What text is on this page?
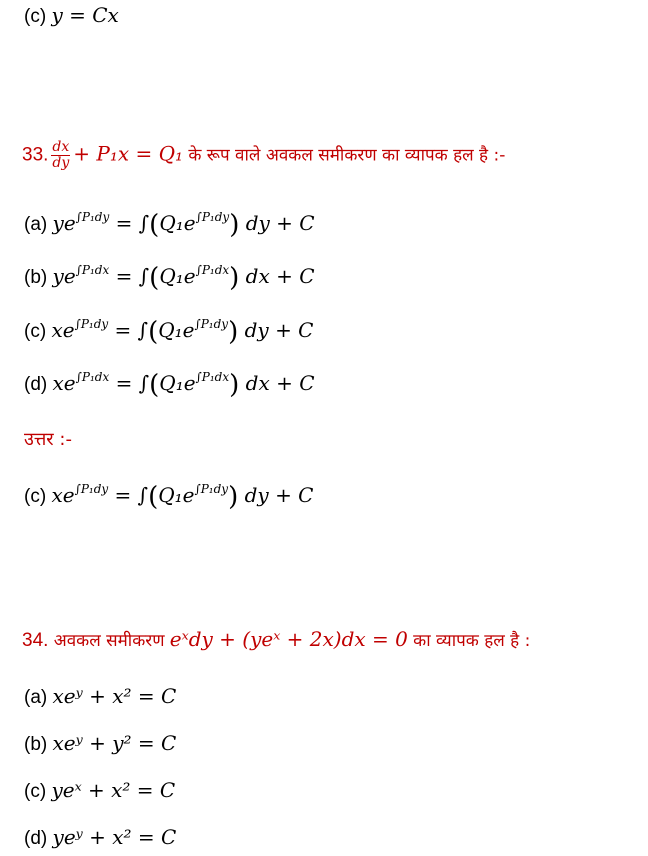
(c) y = Cx
33. $\frac{dx}{dy} + P_1x = Q_1$ के रूप वाले अवकल समीकरण का व्यापक हल है :-
(a) $ye^{\int P_1dy} = \int(Q_1e^{\int P_1dy})$ dy + C
(b) $ye^{\int P_1dx} = \int(Q_1e^{\int P_1dx})$ dx + C
(c) $xe^{\int P_1dy} = \int(Q_1e^{\int P_1dy})$ dy + C
(d) $xe^{\int P_1dx} = \int(Q_1e^{\int P_1dx})$ dx + C
उत्तर :-
(c) $xe^{\int P_1dy} = \int(Q_1e^{\int P_1dy})$ dy + C
34. अवकल समीकरण eˣdy + (yeˣ + 2x)dx = 0 का व्यापक हल है :
(a) xeʸ + x² = C
(b) xeʸ + y² = C
(c) yeˣ + x² = C
(d) yeʸ + x² = C
